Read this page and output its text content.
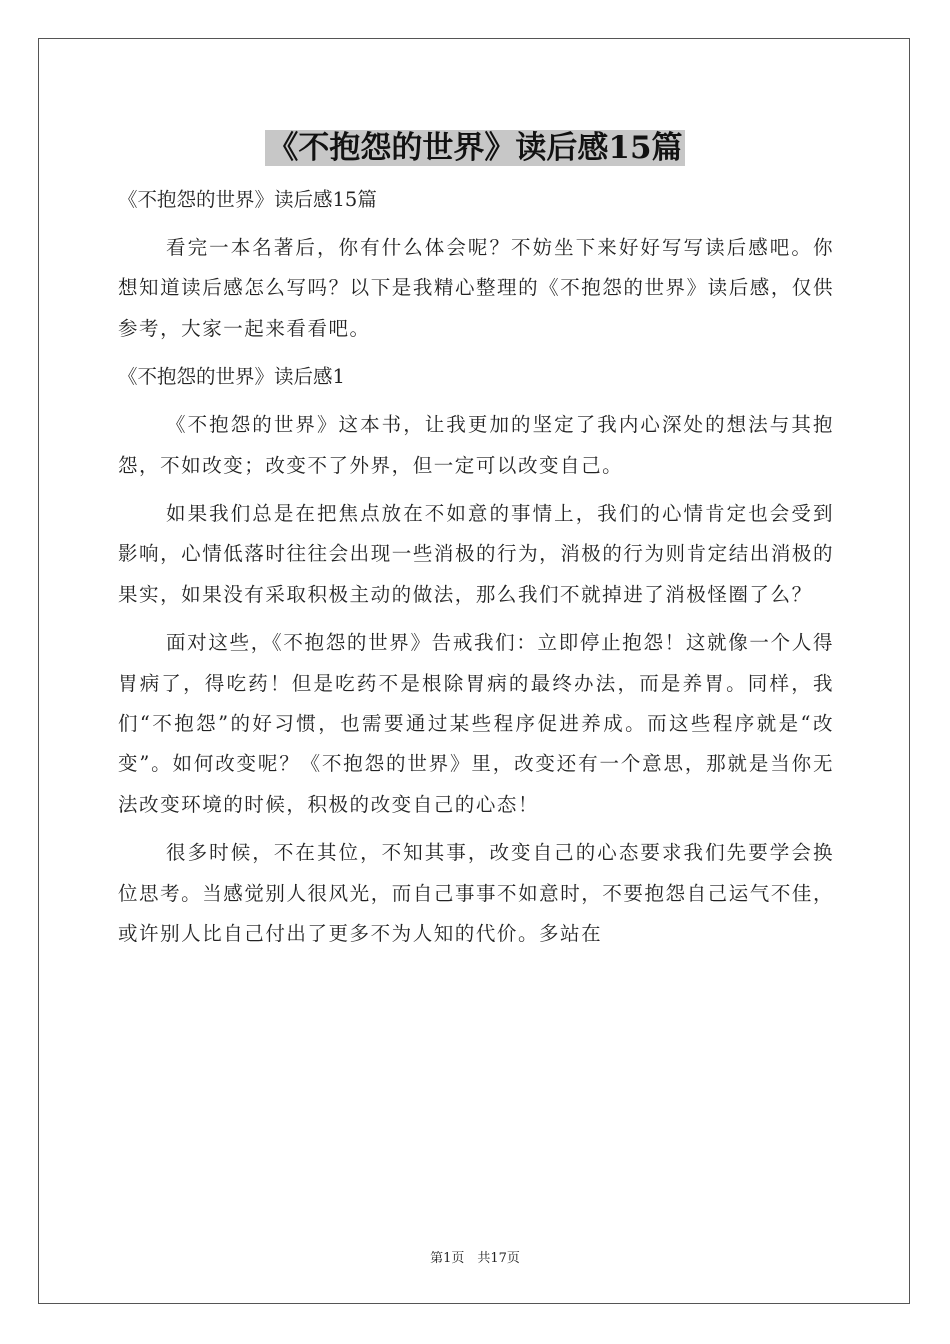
《不抱怨的世界》读后感15篇

《不抱怨的世界》读后感15篇

看完一本名著后，你有什么体会呢？不妨坐下来好好写写读后感吧。你想知道读后感怎么写吗？以下是我精心整理的《不抱怨的世界》读后感，仅供参考，大家一起来看看吧。

《不抱怨的世界》读后感1

《不抱怨的世界》这本书，让我更加的坚定了我内心深处的想法与其抱怨，不如改变；改变不了外界，但一定可以改变自己。

如果我们总是在把焦点放在不如意的事情上，我们的心情肯定也会受到影响，心情低落时往往会出现一些消极的行为，消极的行为则肯定结出消极的果实，如果没有采取积极主动的做法，那么我们不就掉进了消极怪圈了么？

面对这些，《不抱怨的世界》告戒我们：立即停止抱怨！这就像一个人得胃病了，得吃药！但是吃药不是根除胃病的最终办法，而是养胃。同样，我们“不抱怨”的好习惯，也需要通过某些程序促进养成。而这些程序就是“改变”。如何改变呢？《不抱怨的世界》里，改变还有一个意思，那就是当你无法改变环境的时候，积极的改变自己的心态！

很多时候，不在其位，不知其事，改变自己的心态要求我们先要学会换位思考。当感觉别人很风光，而自己事事不如意时，不要抱怨自己运气不佳，或许别人比自己付出了更多不为人知的代价。多站在

第1页　共17页
